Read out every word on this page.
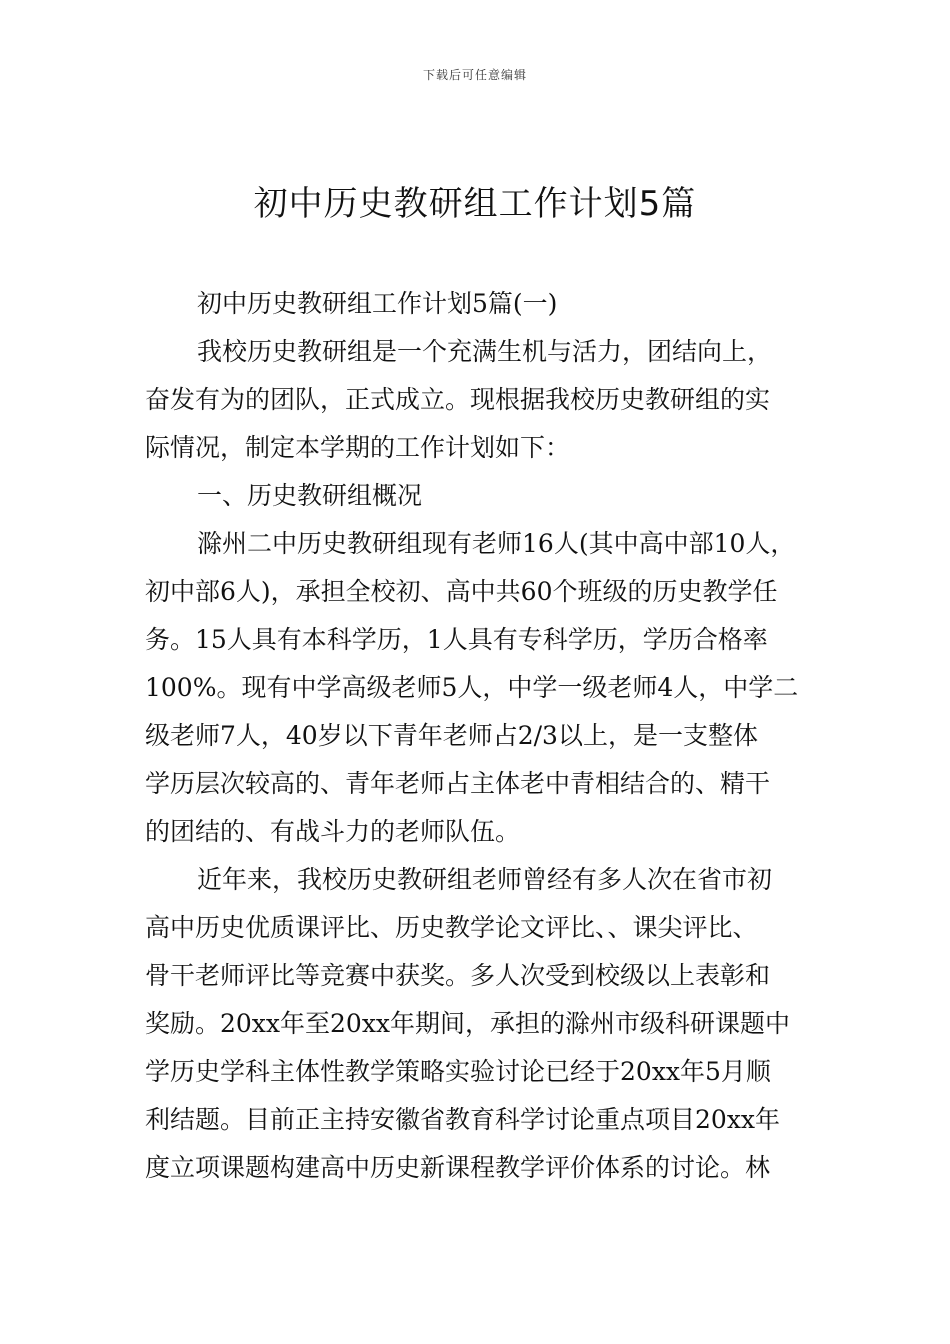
下载后可任意编辑
初中历史教研组工作计划5篇
初中历史教研组工作计划5篇(一)
我校历史教研组是一个充满生机与活力，团结向上，
奋发有为的团队，正式成立。现根据我校历史教研组的实
际情况，制定本学期的工作计划如下：
一、历史教研组概况
滁州二中历史教研组现有老师16人(其中高中部10人，
初中部6人)，承担全校初、高中共60个班级的历史教学任
务。15人具有本科学历，1人具有专科学历，学历合格率
100%。现有中学高级老师5人，中学一级老师4人，中学二
级老师7人，40岁以下青年老师占2/3以上，是一支整体
学历层次较高的、青年老师占主体老中青相结合的、精干
的团结的、有战斗力的老师队伍。
近年来，我校历史教研组老师曾经有多人次在省市初
高中历史优质课评比、历史教学论文评比、、课尖评比、
骨干老师评比等竞赛中获奖。多人次受到校级以上表彰和
奖励。20xx年至20xx年期间，承担的滁州市级科研课题中
学历史学科主体性教学策略实验讨论已经于20xx年5月顺
利结题。目前正主持安徽省教育科学讨论重点项目20xx年
度立项课题构建高中历史新课程教学评价体系的讨论。林
